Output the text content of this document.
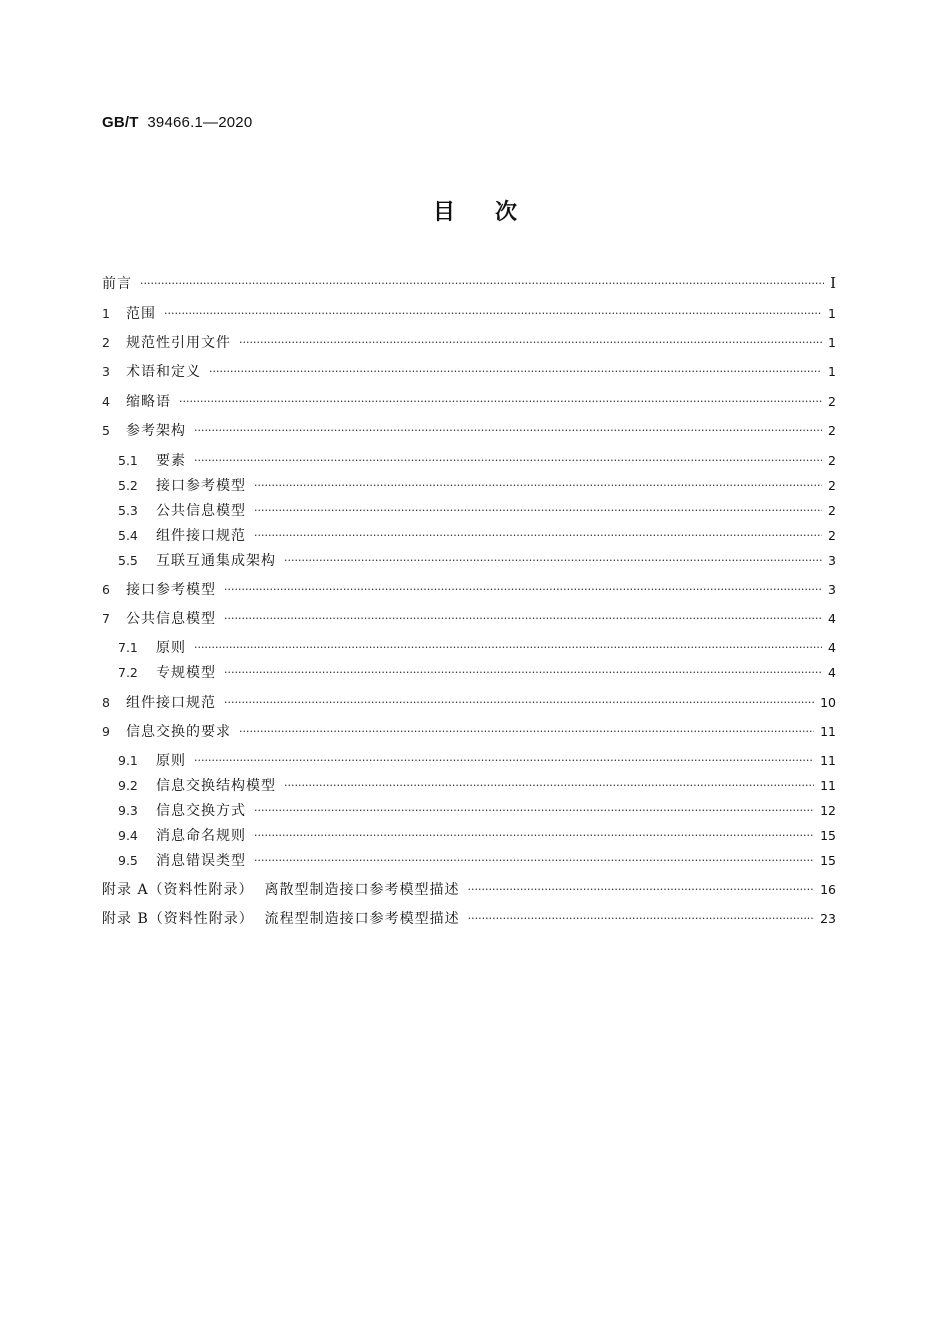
GB/T 39466.1—2020
目次
前言 ·····	I
1	范围 ·····	1
2	规范性引用文件 ·····	1
3	术语和定义 ·····	1
4	缩略语 ·····	2
5	参考架构 ·····	2
5.1	要素 ·····	2
5.2	接口参考模型 ·····	2
5.3	公共信息模型 ·····	2
5.4	组件接口规范 ·····	2
5.5	互联互通集成架构 ·····	3
6	接口参考模型 ·····	3
7	公共信息模型 ·····	4
7.1	原则 ·····	4
7.2	专规模型 ·····	4
8	组件接口规范 ·····	10
9	信息交换的要求 ·····	11
9.1	原则 ·····	11
9.2	信息交换结构模型 ·····	11
9.3	信息交换方式 ·····	12
9.4	消息命名规则 ·····	15
9.5	消息错误类型 ·····	15
附录 A（资料性附录）  离散型制造接口参考模型描述 ·····	16
附录 B（资料性附录）  流程型制造接口参考模型描述 ·····	23
